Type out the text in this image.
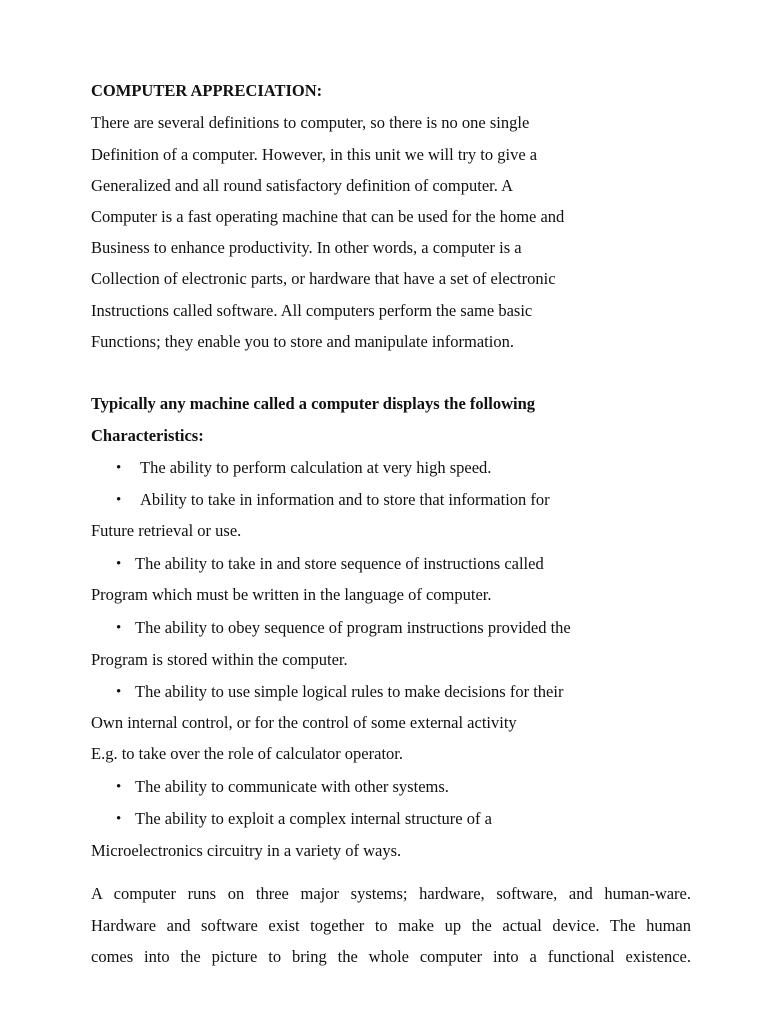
COMPUTER APPRECIATION:
There are several definitions to computer, so there is no one single
Definition of a computer. However, in this unit we will try to give a
Generalized and all round satisfactory definition of computer. A
Computer is a fast operating machine that can be used for the home and
Business to enhance productivity. In other words, a computer is a
Collection of electronic parts, or hardware that have a set of electronic
Instructions called software. All computers perform the same basic
Functions; they enable you to store and manipulate information.
Typically any machine called a computer displays the following
Characteristics:
• The ability to perform calculation at very high speed.
• Ability to take in information and to store that information for
Future retrieval or use.
• The ability to take in and store sequence of instructions called
Program which must be written in the language of computer.
• The ability to obey sequence of program instructions provided the
Program is stored within the computer.
• The ability to use simple logical rules to make decisions for their
Own internal control, or for the control of some external activity
E.g. to take over the role of calculator operator.
• The ability to communicate with other systems.
• The ability to exploit a complex internal structure of a
Microelectronics circuitry in a variety of ways.
A computer runs on three major systems; hardware, software, and human-ware.
Hardware and software exist together to make up the actual device. The human
comes into the picture to bring the whole computer into a functional existence.
